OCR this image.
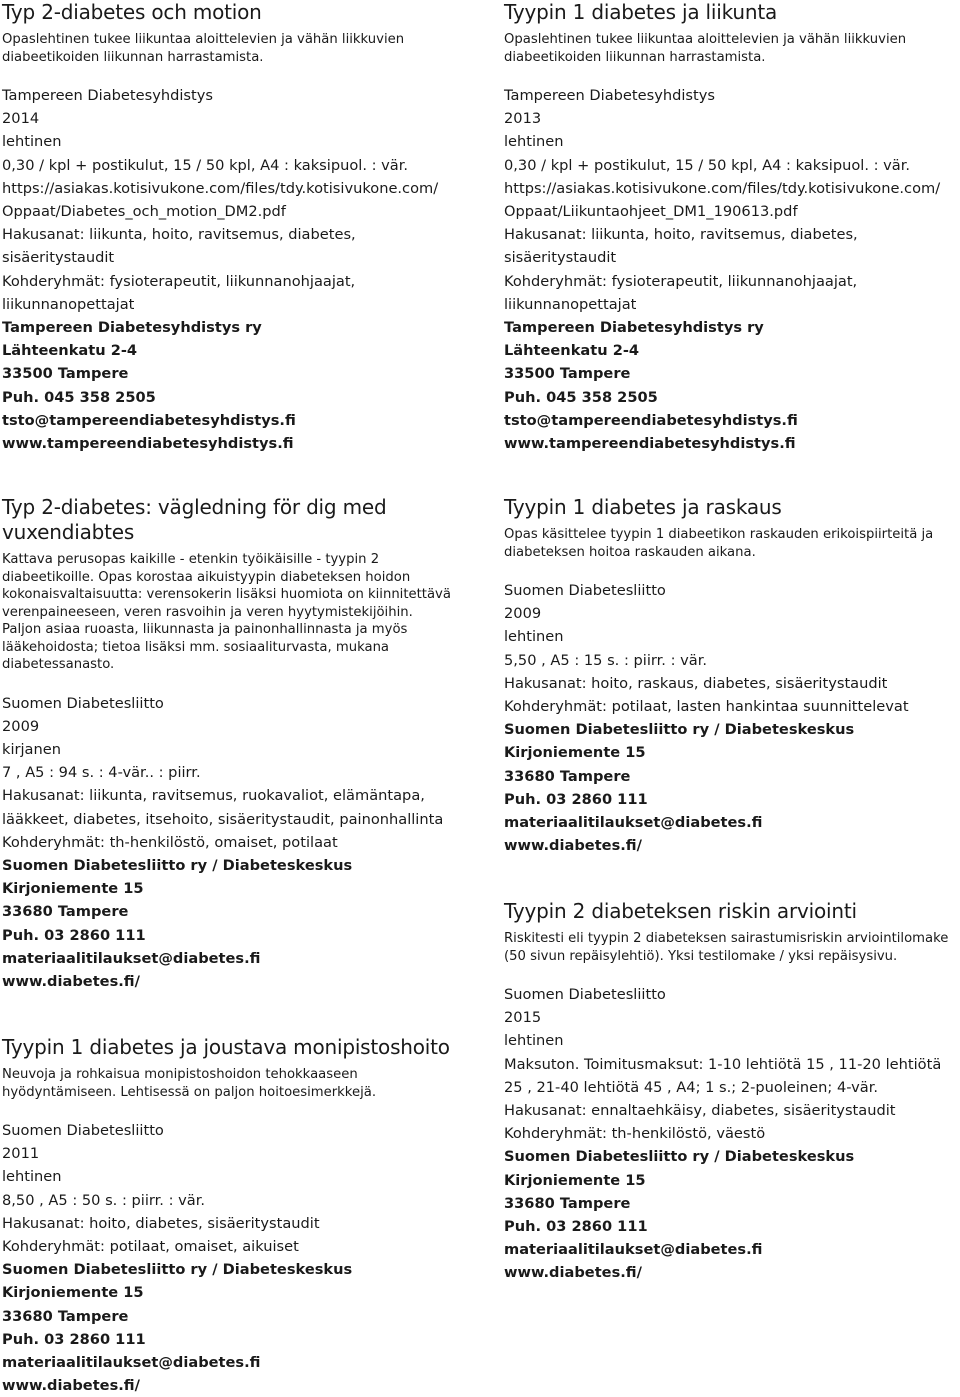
Typ 2-diabetes och motion
Opaslehtinen tukee liikuntaa aloittelevien ja vähän liikkuvien diabeetikoiden liikunnan harrastamista.
Tampereen Diabetesyhdistys
2014
lehtinen
0,30 / kpl + postikulut, 15 / 50 kpl, A4 : kaksipuol. : vär.
https://asiakas.kotisivukone.com/files/tdy.kotisivukone.com/ Oppaat/Diabetes_och_motion_DM2.pdf
Hakusanat: liikunta, hoito, ravitsemus, diabetes, sisäeritystaudit
Kohderyhmät: fysioterapeutit, liikunnanohjaajat, liikunnanopettajat
Tampereen Diabetesyhdistys ry
Lähteenkatu 2-4
33500 Tampere
Puh. 045 358 2505
tsto@tampereendiabetesyhdistys.fi
www.tampereendiabetesyhdistys.fi
Tyypin 1 diabetes ja liikunta
Opaslehtinen tukee liikuntaa aloittelevien ja vähän liikkuvien diabeetikoiden liikunnan harrastamista.
Tampereen Diabetesyhdistys
2013
lehtinen
0,30 / kpl + postikulut, 15 / 50 kpl, A4 : kaksipuol. : vär.
https://asiakas.kotisivukone.com/files/tdy.kotisivukone.com/ Oppaat/Liikuntaohjeet_DM1_190613.pdf
Hakusanat: liikunta, hoito, ravitsemus, diabetes, sisäeritystaudit
Kohderyhmät: fysioterapeutit, liikunnanohjaajat, liikunnanopettajat
Tampereen Diabetesyhdistys ry
Lähteenkatu 2-4
33500 Tampere
Puh. 045 358 2505
tsto@tampereendiabetesyhdistys.fi
www.tampereendiabetesyhdistys.fi
Typ 2-diabetes: vägledning för dig med vuxendiabtes
Kattava perusopas kaikille - etenkin työikäisille - tyypin 2 diabeetikoille. Opas korostaa aikuistyypin diabeteksen hoidon kokonaisvaltaisuutta: verensokerin lisäksi huomiota on kiinnitettävä verenpaineeseen, veren rasvoihin ja veren hyytymistekijöihin. Paljon asiaa ruoasta, liikunnasta ja painonhallinnasta ja myös lääkehoidosta; tietoa lisäksi mm. sosiaaliturvasta, mukana diabetessanasto.
Suomen Diabetesliitto
2009
kirjanen
7 , A5 : 94 s. : 4-vär.. : piirr.
Hakusanat: liikunta, ravitsemus, ruokavaliot, elämäntapa, lääkkeet, diabetes, itsehoito, sisäeritystaudit, painonhallinta
Kohderyhmät: th-henkilöstö, omaiset, potilaat
Suomen Diabetesliitto ry / Diabeteskeskus
Kirjoniemente 15
33680 Tampere
Puh. 03 2860 111
materiaalitilaukset@diabetes.fi
www.diabetes.fi/
Tyypin 1 diabetes ja raskaus
Opas käsittelee tyypin 1 diabeetikon raskauden erikoispiirteitä ja diabeteksen hoitoa raskauden aikana.
Suomen Diabetesliitto
2009
lehtinen
5,50 , A5 : 15 s. : piirr. : vär.
Hakusanat: hoito, raskaus, diabetes, sisäeritystaudit
Kohderyhmät: potilaat, lasten hankintaa suunnittelevat
Suomen Diabetesliitto ry / Diabeteskeskus
Kirjoniemente 15
33680 Tampere
Puh. 03 2860 111
materiaalitilaukset@diabetes.fi
www.diabetes.fi/
Tyypin 1 diabetes ja joustava monipistoshoito
Neuvoja ja rohkaisua monipistoshoidon tehokkaaseen hyödyntämiseen. Lehtisessä on paljon hoitoesimerkkejä.
Suomen Diabetesliitto
2011
lehtinen
8,50 , A5 : 50 s. : piirr. : vär.
Hakusanat: hoito, diabetes, sisäeritystaudit
Kohderyhmät: potilaat, omaiset, aikuiset
Suomen Diabetesliitto ry / Diabeteskeskus
Kirjoniemente 15
33680 Tampere
Puh. 03 2860 111
materiaalitilaukset@diabetes.fi
www.diabetes.fi/
Tyypin 2 diabeteksen riskin arviointi
Riskitesti eli tyypin 2 diabeteksen sairastumisriskin arviointilomake (50 sivun repäisylehtiö). Yksi testilomake / yksi repäisysivu.
Suomen Diabetesliitto
2015
lehtinen
Maksuton. Toimitusmaksut: 1-10 lehtiötä 15 , 11-20 lehtiötä 25 , 21-40 lehtiötä 45 , A4; 1 s.; 2-puoleinen; 4-vär.
Hakusanat: ennaltaehkäisy, diabetes, sisäeritystaudit
Kohderyhmät: th-henkilöstö, väestö
Suomen Diabetesliitto ry / Diabeteskeskus
Kirjoniemente 15
33680 Tampere
Puh. 03 2860 111
materiaalitilaukset@diabetes.fi
www.diabetes.fi/
